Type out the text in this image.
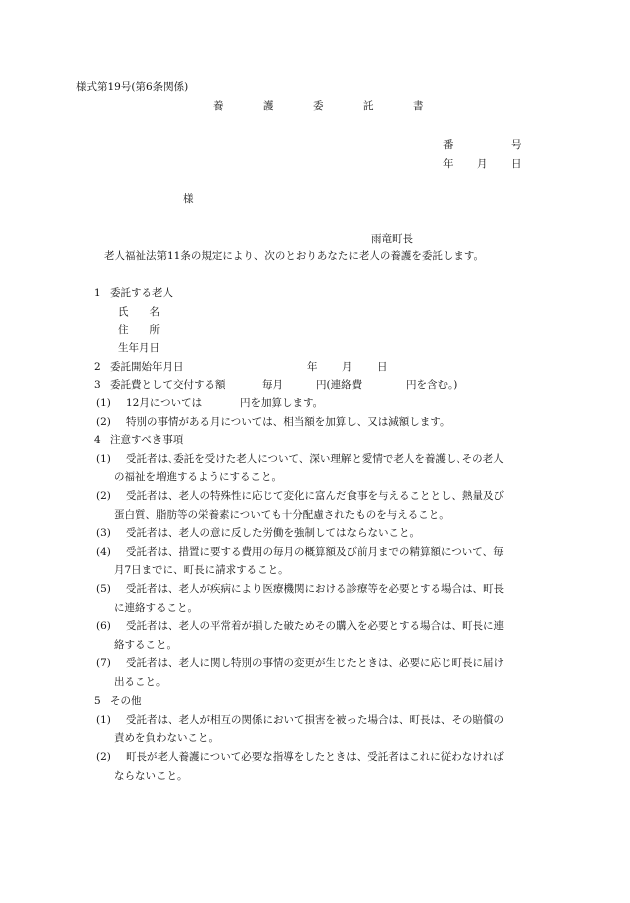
様式第19号(第6条関係)
養	護	委	託	書
番	号
年 月 日
様
雨竜町長
老人福祉法第11条の規定により、次のとおりあなたに老人の養護を委託します。
1 委託する老人
氏　　名
住　　所
生年月日
2 委託開始年月日	年 月 日
3 委託費として交付する額	毎月	円(連絡費	円を含む。)
(1) 12月については	円を加算します。
(2) 特別の事情がある月については、相当額を加算し、又は減額します。
4 注意すべき事項
(1) 受託者は､委託を受けた老人について、深い理解と愛情で老人を養護し､その老人
の福祉を増進するようにすること。
(2) 受託者は、老人の特殊性に応じて変化に富んだ食事を与えることとし、熱量及び
蛋白質、脂肪等の栄養素についても十分配慮されたものを与えること。
(3) 受託者は、老人の意に反した労働を強制してはならないこと。
(4) 受託者は、措置に要する費用の毎月の概算額及び前月までの精算額について、毎
月7日までに、町長に請求すること。
(5) 受託者は、老人が疾病により医療機関における診療等を必要とする場合は、町長
に連絡すること。
(6) 受託者は、老人の平常着が損した破ためその購入を必要とする場合は、町長に連
絡すること。
(7) 受託者は、老人に関し特別の事情の変更が生じたときは、必要に応じ町長に届け
出ること。
5 その他
(1) 受託者は、老人が相互の関係において損害を被った場合は、町長は、その賠償の
責めを負わないこと。
(2) 町長が老人養護について必要な指導をしたときは、受託者はこれに従わなければ
ならないこと。
